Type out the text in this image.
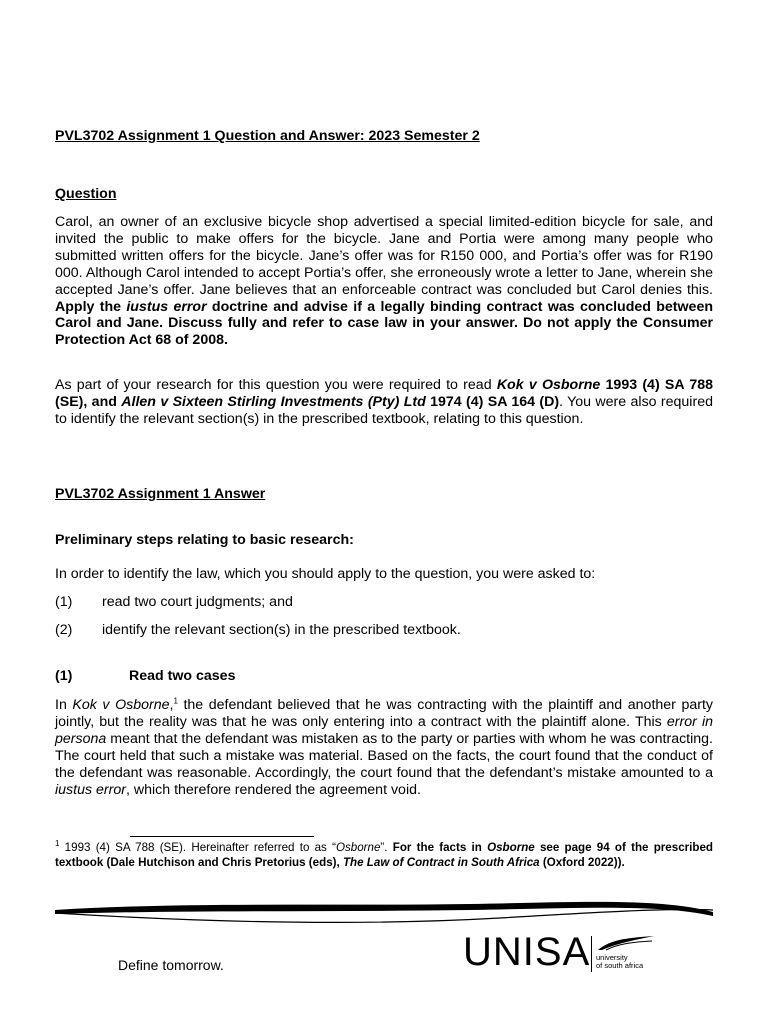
PVL3702 Assignment 1 Question and Answer: 2023 Semester 2
Question
Carol, an owner of an exclusive bicycle shop advertised a special limited-edition bicycle for sale, and invited the public to make offers for the bicycle. Jane and Portia were among many people who submitted written offers for the bicycle. Jane’s offer was for R150 000, and Portia’s offer was for R190 000. Although Carol intended to accept Portia’s offer, she erroneously wrote a letter to Jane, wherein she accepted Jane’s offer. Jane believes that an enforceable contract was concluded but Carol denies this. Apply the iustus error doctrine and advise if a legally binding contract was concluded between Carol and Jane. Discuss fully and refer to case law in your answer. Do not apply the Consumer Protection Act 68 of 2008.
As part of your research for this question you were required to read Kok v Osborne 1993 (4) SA 788 (SE), and Allen v Sixteen Stirling Investments (Pty) Ltd 1974 (4) SA 164 (D). You were also required to identify the relevant section(s) in the prescribed textbook, relating to this question.
PVL3702 Assignment 1 Answer
Preliminary steps relating to basic research:
In order to identify the law, which you should apply to the question, you were asked to:
(1) read two court judgments; and
(2) identify the relevant section(s) in the prescribed textbook.
(1)	Read two cases
In Kok v Osborne,$^1$ the defendant believed that he was contracting with the plaintiff and another party jointly, but the reality was that he was only entering into a contract with the plaintiff alone. This error in persona meant that the defendant was mistaken as to the party or parties with whom he was contracting. The court held that such a mistake was material. Based on the facts, the court found that the conduct of the defendant was reasonable. Accordingly, the court found that the defendant’s mistake amounted to a iustus error, which therefore rendered the agreement void.
$^1$ 1993 (4) SA 788 (SE). Hereinafter referred to as “Osborne”. For the facts in Osborne see page 94 of the prescribed textbook (Dale Hutchison and Chris Pretorius (eds), The Law of Contract in South Africa (Oxford 2022)).
Define tomorrow.	UNISA university
of south africa
